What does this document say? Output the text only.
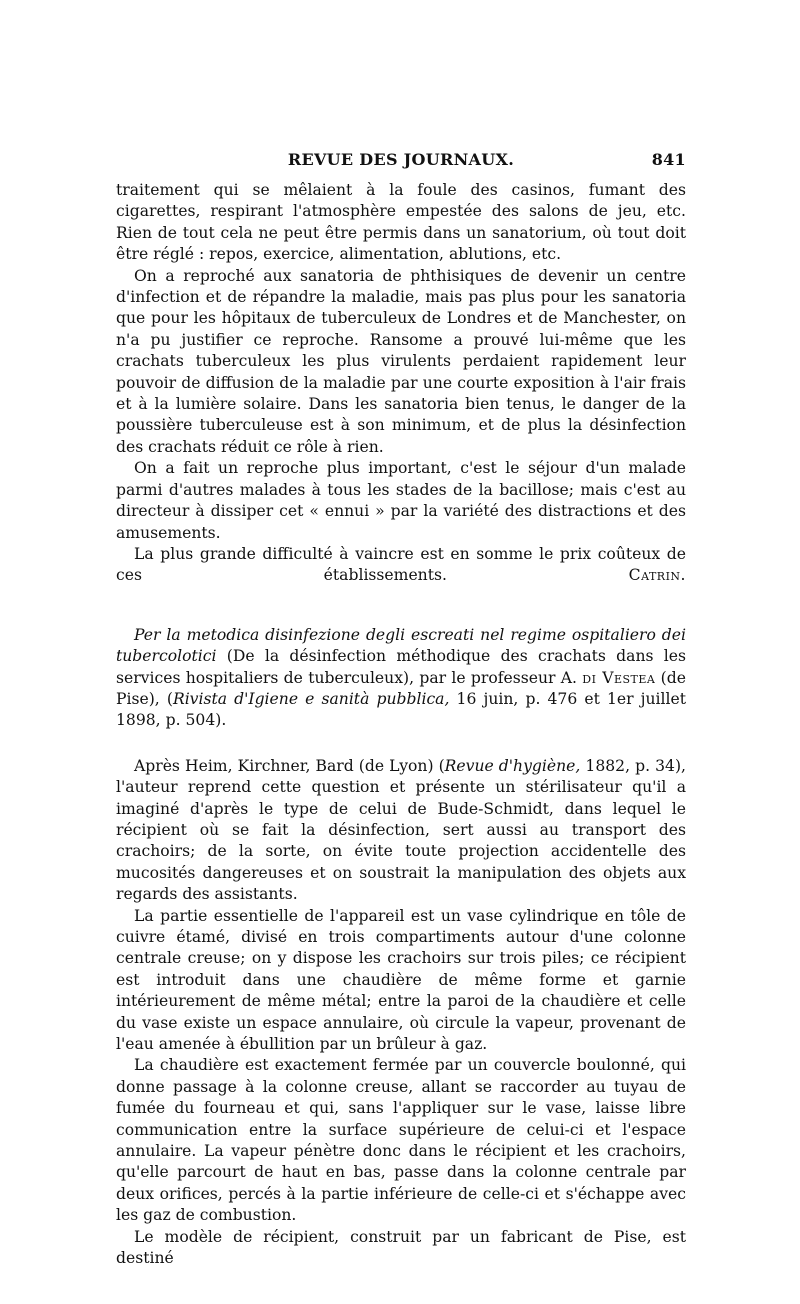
REVUE DES JOURNAUX.	841

traitement qui se mêlaient à la foule des casinos, fumant des cigarettes, respirant l'atmosphère empestée des salons de jeu, etc. Rien de tout cela ne peut être permis dans un sanatorium, où tout doit être réglé : repos, exercice, alimentation, ablutions, etc.

On a reproché aux sanatoria de phthisiques de devenir un centre d'infection et de répandre la maladie, mais pas plus pour les sanatoria que pour les hôpitaux de tuberculeux de Londres et de Manchester, on n'a pu justifier ce reproche. Ransome a prouvé lui-même que les crachats tuberculeux les plus virulents perdaient rapidement leur pouvoir de diffusion de la maladie par une courte exposition à l'air frais et à la lumière solaire. Dans les sanatoria bien tenus, le danger de la poussière tuberculeuse est à son minimum, et de plus la désinfection des crachats réduit ce rôle à rien.

On a fait un reproche plus important, c'est le séjour d'un malade parmi d'autres malades à tous les stades de la bacillose; mais c'est au directeur à dissiper cet « ennui » par la variété des distractions et des amusements.

La plus grande difficulté à vaincre est en somme le prix coûteux de ces établissements.	Catrin.

Per la metodica disinfezione degli escreati nel regime ospitaliero dei tubercolotici (De la désinfection méthodique des crachats dans les services hospitaliers de tuberculeux), par le professeur A. di Vestea (de Pise), (Rivista d'Igiene e sanità pubblica, 16 juin, p. 476 et 1er juillet 1898, p. 504).

Après Heim, Kirchner, Bard (de Lyon) (Revue d'hygiène, 1882, p. 34), l'auteur reprend cette question et présente un stérilisateur qu'il a imaginé d'après le type de celui de Bude-Schmidt, dans lequel le récipient où se fait la désinfection, sert aussi au transport des crachoirs; de la sorte, on évite toute projection accidentelle des mucosités dangereuses et on soustrait la manipulation des objets aux regards des assistants.

La partie essentielle de l'appareil est un vase cylindrique en tôle de cuivre étamé, divisé en trois compartiments autour d'une colonne centrale creuse; on y dispose les crachoirs sur trois piles; ce récipient est introduit dans une chaudière de même forme et garnie intérieurement de même métal; entre la paroi de la chaudière et celle du vase existe un espace annulaire, où circule la vapeur, provenant de l'eau amenée à ébullition par un brûleur à gaz.

La chaudière est exactement fermée par un couvercle boulonné, qui donne passage à la colonne creuse, allant se raccorder au tuyau de fumée du fourneau et qui, sans l'appliquer sur le vase, laisse libre communication entre la surface supérieure de celui-ci et l'espace annulaire. La vapeur pénètre donc dans le récipient et les crachoirs, qu'elle parcourt de haut en bas, passe dans la colonne centrale par deux orifices, percés à la partie inférieure de celle-ci et s'échappe avec les gaz de combustion.

Le modèle de récipient, construit par un fabricant de Pise, est destiné
